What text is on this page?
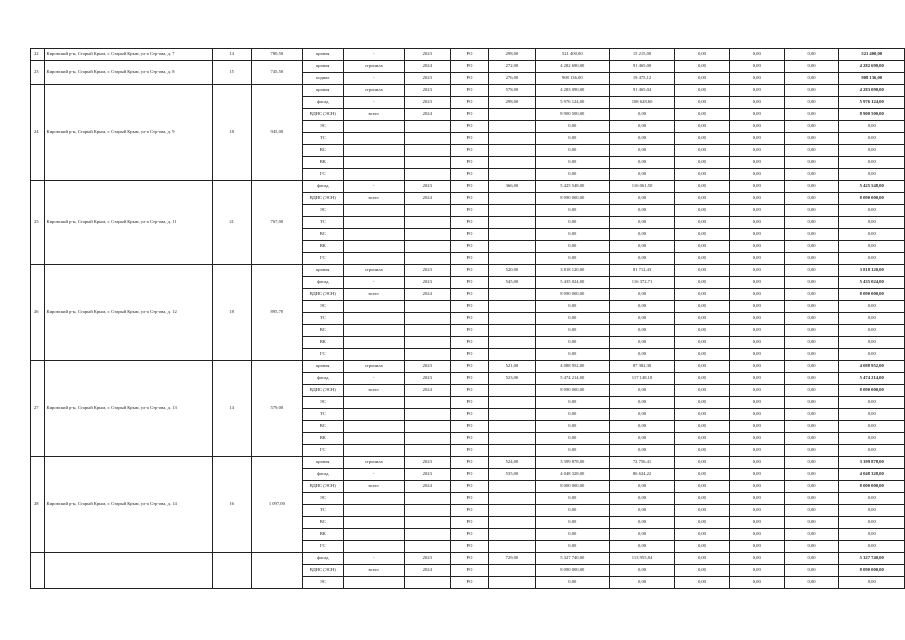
22	Кировский р-н, Старый Крым, г. Старый Крым, ул-а Стр-ова, д. 7	14	780,50	кровля	-	2023	РО	298,00	521 400,00	15 215,00	0,00	0,00	0,00	521 400,00
23	Кировский р-н, Старый Крым, г. Старый Крым, ул-а Стр-ова, д. 8	15	745,50	кровля	стропила	2024	РО	272,00	4 282 690,00	91 465,00	0,00	0,00	0,00	4 282 690,00
				подвал	-	2023	РО	276,00	908 136,00	19 475,12	0,00	0,00	0,00	908 136,00
24	Кировский р-н, Старый Крым, г. Старый Крым, ул-а Стр-ова, д. 9	18	945,00	кровля	стропила	2023	РО	578,00	4 283 090,00	91 465,04	0,00	0,00	0,00	4 283 090,00
				фасад	-	2023	РО	298,00	5 976 124,00	108 628,60	0,00	0,00	0,00	5 976 124,00
				ВДИС (ЭСН)	всего	2024	РО		8 900 500,00	0,00	0,00	0,00	0,00	8 900 500,00
				ЭС			РО		0,00	0,00	0,00	0,00	0,00	0,00
				ТС			РО		0,00	0,00	0,00	0,00	0,00	0,00
				ВС			РО		0,00	0,00	0,00	0,00	0,00	0,00
				ВК			РО		0,00	0,00	0,00	0,00	0,00	0,00
				ГС			РО		0,00	0,00	0,00	0,00	0,00	0,00
25	Кировский р-н, Старый Крым, г. Старый Крым, ул-а Стр-ова, д. 11	21	767,00	фасад	-	2023	РО	366,00	5 425 548,00	116 061,50	0,00	0,00	0,00	5 425 548,00
				ВДИС (ЭСН)	всего	2024	РО		8 090 000,00	0,00	0,00	0,00	0,00	8 090 000,00
				ЭС			РО		0,00	0,00	0,00	0,00	0,00	0,00
				ТС			РО		0,00	0,00	0,00	0,00	0,00	0,00
				ВС			РО		0,00	0,00	0,00	0,00	0,00	0,00
				ВК			РО		0,00	0,00	0,00	0,00	0,00	0,00
				ГС			РО		0,00	0,00	0,00	0,00	0,00	0,00
26	Кировский р-н, Старый Крым, г. Старый Крым, ул-а Стр-ова, д. 12	18	895,70	кровля	стропила	2023	РО	520,00	3 818 120,00	81 712,43	0,00	0,00	0,00	3 818 120,00
				фасад	-	2023	РО	545,00	5 435 024,00	116 372,71	0,00	0,00	0,00	5 435 024,00
				ВДИС (ЭСН)	всего	2024	РО		8 090 000,00	0,00	0,00	0,00	0,00	8 090 000,00
				ЭС			РО		0,00	0,00	0,00	0,00	0,00	0,00
				ТС			РО		0,00	0,00	0,00	0,00	0,00	0,00
				ВС			РО		0,00	0,00	0,00	0,00	0,00	0,00
				ВК			РО		0,00	0,00	0,00	0,00	0,00	0,00
				ГС			РО		0,00	0,00	0,00	0,00	0,00	0,00
27	Кировский р-н, Старый Крым, г. Старый Крым, ул-а Стр-ова, д. 13	14	579,00	кровля	стропила	2023	РО	521,00	4 088 952,00	87 382,30	0,00	0,00	0,00	4 088 952,00
				фасад	-	2023	РО	523,00	5 474 214,00	117 148,18	0,00	0,00	0,00	5 474 214,00
				ВДИС (ЭСН)	всего	2024	РО		8 090 000,00	0,00	0,00	0,00	0,00	8 090 000,00
				ЭС			РО		0,00	0,00	0,00	0,00	0,00	0,00
				ТС			РО		0,00	0,00	0,00	0,00	0,00	0,00
				ВС			РО		0,00	0,00	0,00	0,00	0,00	0,00
				ВК			РО		0,00	0,00	0,00	0,00	0,00	0,00
				ГС			РО		0,00	0,00	0,00	0,00	0,00	0,00
28	Кировский р-н, Старый Крым, г. Старый Крым, ул-а Стр-ова, д. 14	16	1 097,00	кровля	стропила	2023	РО	524,00	3 399 878,00	72 756,41	0,00	0,00	0,00	3 399 878,00
				фасад	-	2023	РО	535,00	4 048 328,00	86 634,22	0,00	0,00	0,00	4 048 328,00
				ВДИС (ЭСН)	всего	2024	РО		8 000 000,00	0,00	0,00	0,00	0,00	8 000 000,00
				ЭС			РО		0,00	0,00	0,00	0,00	0,00	0,00
				ТС			РО		0,00	0,00	0,00	0,00	0,00	0,00
				ВС			РО		0,00	0,00	0,00	0,00	0,00	0,00
				ВК			РО		0,00	0,00	0,00	0,00	0,00	0,00
				ГС			РО		0,00	0,00	0,00	0,00	0,00	0,00
				фасад	-	2023	РО	729,00	5 327 740,00	113 955,84	0,00	0,00	0,00	5 327 740,00
				ВДИС (ЭСН)	всего	2024	РО		8 090 000,00	0,00	0,00	0,00	0,00	8 090 000,00
				ЭС			РО		0,00	0,00	0,00	0,00	0,00	0,00
